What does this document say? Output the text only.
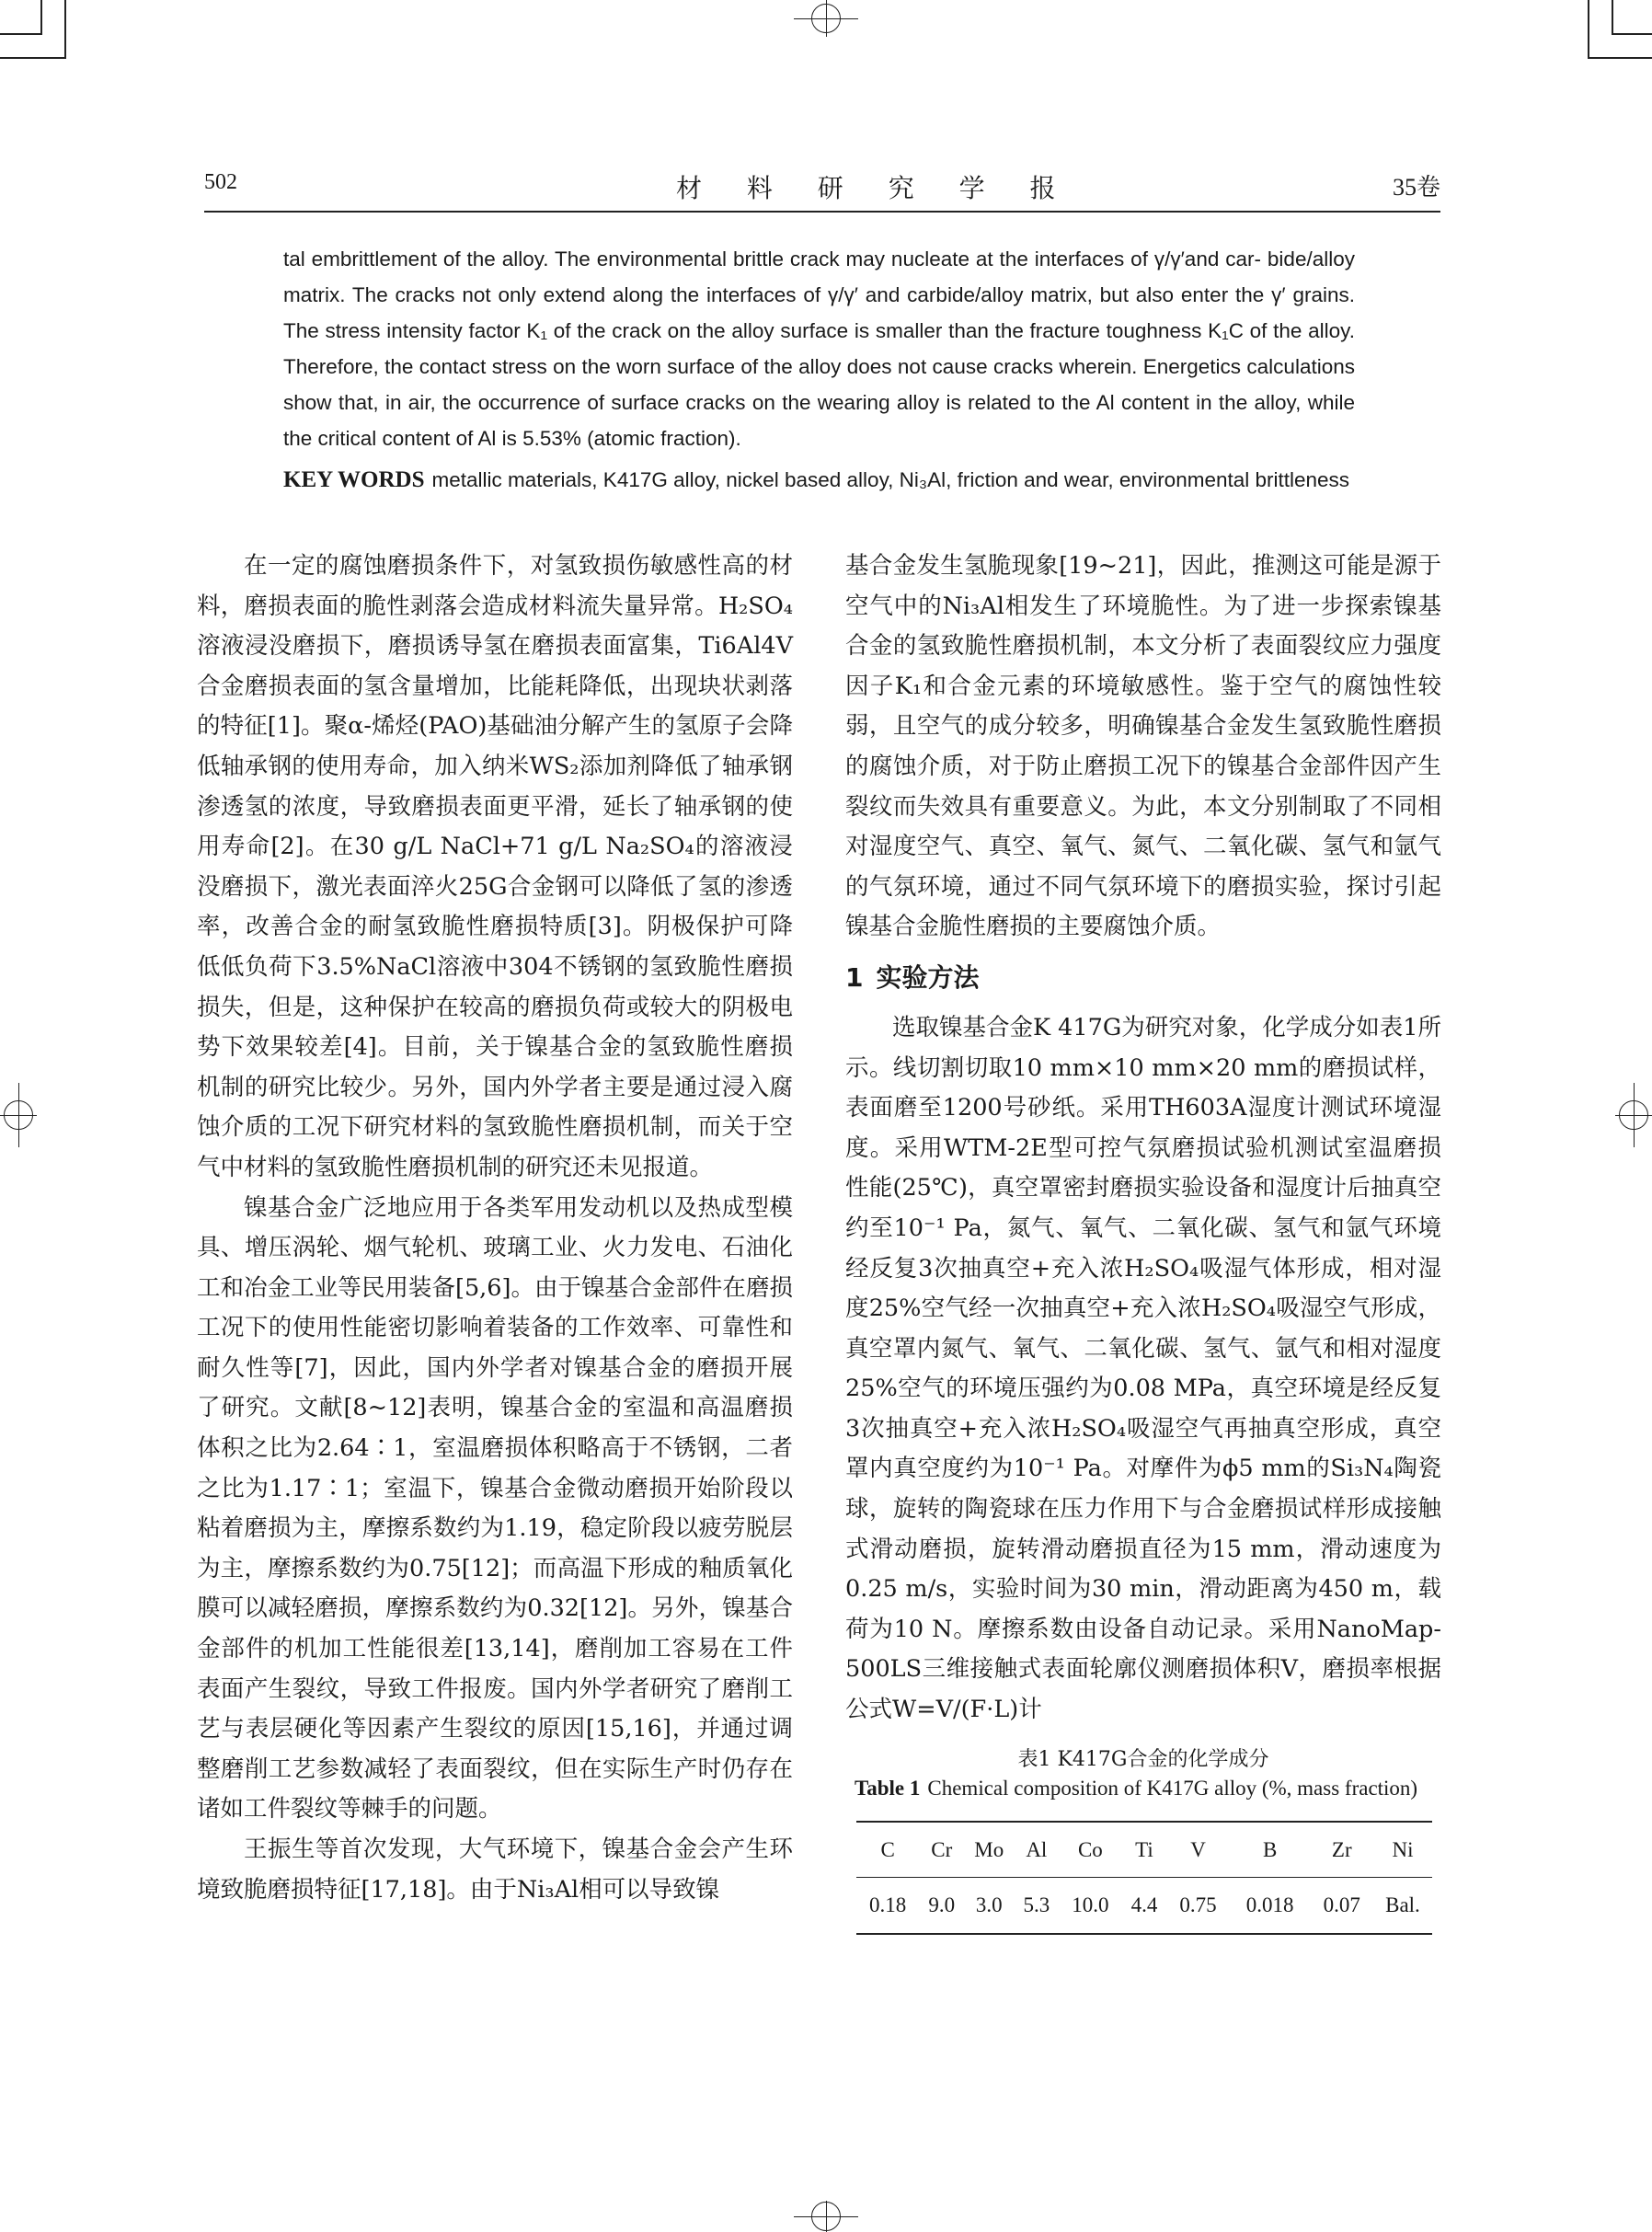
502	材 料 研 究 学 报	35卷

tal embrittlement of the alloy. The environmental brittle crack may nucleate at the interfaces of γ/γ′and car- bide/alloy matrix. The cracks not only extend along the interfaces of γ/γ′ and carbide/alloy matrix, but also enter the γ′ grains. The stress intensity factor K₁ of the crack on the alloy surface is smaller than the fracture toughness K₁C of the alloy. Therefore, the contact stress on the worn surface of the alloy does not cause cracks wherein. Energetics calculations show that, in air, the occurrence of surface cracks on the wearing alloy is related to the Al content in the alloy, while the critical content of Al is 5.53% (atomic fraction).

KEY WORDS metallic materials, K417G alloy, nickel based alloy, Ni₃Al, friction and wear, environmental brittleness

在一定的腐蚀磨损条件下，对氢致损伤敏感性高的材料，磨损表面的脆性剥落会造成材料流失量异常。H₂SO₄溶液浸没磨损下，磨损诱导氢在磨损表面富集，Ti6Al4V合金磨损表面的氢含量增加，比能耗降低，出现块状剥落的特征[1]。聚α-烯烃(PAO)基础油分解产生的氢原子会降低轴承钢的使用寿命，加入纳米WS₂添加剂降低了轴承钢渗透氢的浓度，导致磨损表面更平滑，延长了轴承钢的使用寿命[2]。在30 g/L NaCl+71 g/L Na₂SO₄的溶液浸没磨损下，激光表面淬火25G合金钢可以降低了氢的渗透率，改善合金的耐氢致脆性磨损特质[3]。阴极保护可降低低负荷下3.5%NaCl溶液中304不锈钢的氢致脆性磨损损失，但是，这种保护在较高的磨损负荷或较大的阴极电势下效果较差[4]。目前，关于镍基合金的氢致脆性磨损机制的研究比较少。另外，国内外学者主要是通过浸入腐蚀介质的工况下研究材料的氢致脆性磨损机制，而关于空气中材料的氢致脆性磨损机制的研究还未见报道。

镍基合金广泛地应用于各类军用发动机以及热成型模具、增压涡轮、烟气轮机、玻璃工业、火力发电、石油化工和冶金工业等民用装备[5,6]。由于镍基合金部件在磨损工况下的使用性能密切影响着装备的工作效率、可靠性和耐久性等[7]，因此，国内外学者对镍基合金的磨损开展了研究。文献[8~12]表明，镍基合金的室温和高温磨损体积之比为2.64∶1，室温磨损体积略高于不锈钢，二者之比为1.17∶1；室温下，镍基合金微动磨损开始阶段以粘着磨损为主，摩擦系数约为1.19，稳定阶段以疲劳脱层为主，摩擦系数约为0.75[12]；而高温下形成的釉质氧化膜可以减轻磨损，摩擦系数约为0.32[12]。另外，镍基合金部件的机加工性能很差[13,14]，磨削加工容易在工件表面产生裂纹，导致工件报废。国内外学者研究了磨削工艺与表层硬化等因素产生裂纹的原因[15,16]，并通过调整磨削工艺参数减轻了表面裂纹，但在实际生产时仍存在诸如工件裂纹等棘手的问题。

王振生等首次发现，大气环境下，镍基合金会产生环境致脆磨损特征[17,18]。由于Ni₃Al相可以导致镍

基合金发生氢脆现象[19~21]，因此，推测这可能是源于空气中的Ni₃Al相发生了环境脆性。为了进一步探索镍基合金的氢致脆性磨损机制，本文分析了表面裂纹应力强度因子K₁和合金元素的环境敏感性。鉴于空气的腐蚀性较弱，且空气的成分较多，明确镍基合金发生氢致脆性磨损的腐蚀介质，对于防止磨损工况下的镍基合金部件因产生裂纹而失效具有重要意义。为此，本文分别制取了不同相对湿度空气、真空、氧气、氮气、二氧化碳、氢气和氩气的气氛环境，通过不同气氛环境下的磨损实验，探讨引起镍基合金脆性磨损的主要腐蚀介质。

1 实验方法

选取镍基合金K 417G为研究对象，化学成分如表1所示。线切割切取10 mm×10 mm×20 mm的磨损试样，表面磨至1200号砂纸。采用TH603A湿度计测试环境湿度。采用WTM-2E型可控气氛磨损试验机测试室温磨损性能(25℃)，真空罩密封磨损实验设备和湿度计后抽真空约至10⁻¹ Pa，氮气、氧气、二氧化碳、氢气和氩气环境经反复3次抽真空+充入浓H₂SO₄吸湿气体形成，相对湿度25%空气经一次抽真空+充入浓H₂SO₄吸湿空气形成，真空罩内氮气、氧气、二氧化碳、氢气、氩气和相对湿度25%空气的环境压强约为0.08 MPa，真空环境是经反复3次抽真空+充入浓H₂SO₄吸湿空气再抽真空形成，真空罩内真空度约为10⁻¹ Pa。对摩件为ϕ5 mm的Si₃N₄陶瓷球，旋转的陶瓷球在压力作用下与合金磨损试样形成接触式滑动磨损，旋转滑动磨损直径为15 mm，滑动速度为0.25 m/s，实验时间为30 min，滑动距离为450 m，载荷为10 N。摩擦系数由设备自动记录。采用NanoMap-500LS三维接触式表面轮廓仪测磨损体积V，磨损率根据公式W=V/(F·L)计

表1 K417G合金的化学成分
Table 1 Chemical composition of K417G alloy (%, mass fraction)
C	Cr	Mo	Al	Co	Ti	V	B	Zr	Ni
0.18	9.0	3.0	5.3	10.0	4.4	0.75	0.018	0.07	Bal.
